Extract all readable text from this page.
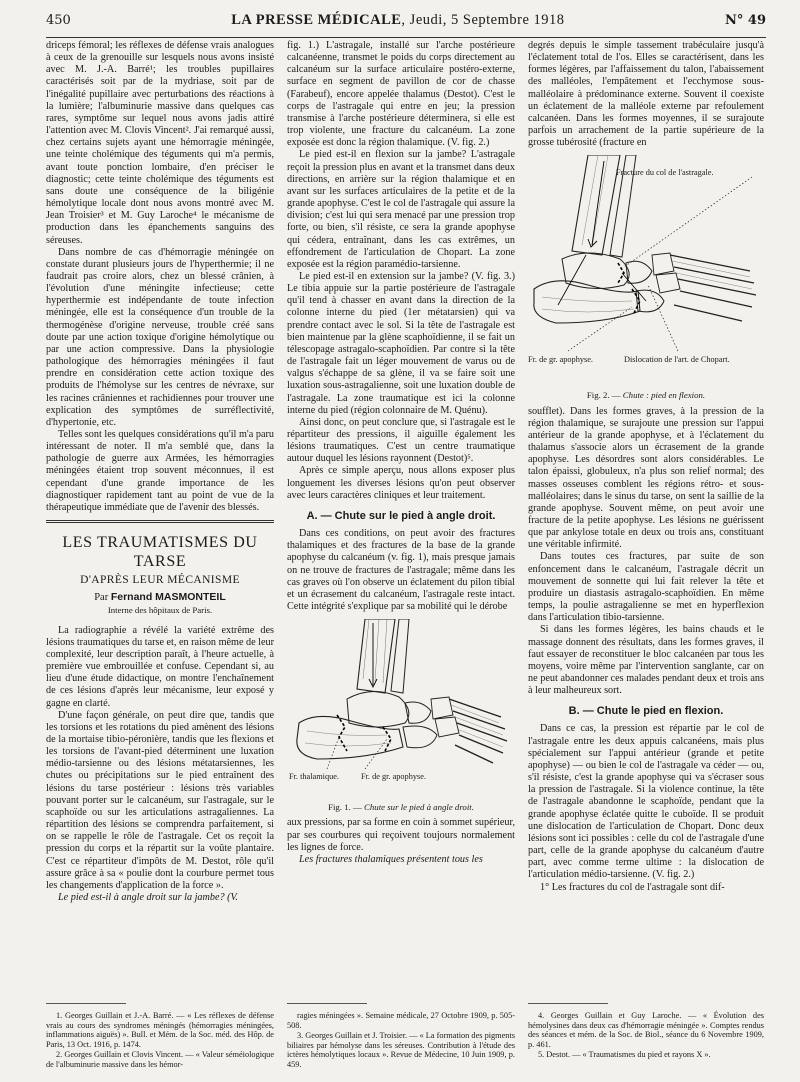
450	LA PRESSE MÉDICALE, Jeudi, 5 Septembre 1918	N° 49

driceps fémoral; les réflexes de défense vrais analogues à ceux de la grenouille sur lesquels nous avons insisté avec M. J.-A. Barré¹; les troubles pupillaires caractérisés soit par de la mydriase, soit par de l'inégalité pupillaire avec perturbations des réactions à la lumière; l'albuminurie massive dans quelques cas rares, symptôme sur lequel nous avons jadis attiré l'attention avec M. Clovis Vincent². J'ai remarqué aussi, chez certains sujets ayant une hémorragie méningée, une teinte cholémique des téguments qui m'a permis, avant toute ponction lombaire, d'en préciser le diagnostic; cette teinte cholémique des téguments est sans doute une conséquence de la biligénie hémolytique locale dont nous avons montré avec M. Jean Troisier³ et M. Guy Laroche⁴ le mécanisme de production dans les épanchements sanguins des séreuses.

Dans nombre de cas d'hémorragie méningée on constate durant plusieurs jours de l'hyperthermie; il ne faudrait pas croire alors, chez un blessé crânien, à l'évolution d'une méningite infectieuse; cette hyperthermie est indépendante de toute infection méningée, elle est la conséquence d'un trouble de la thermogénèse d'origine nerveuse, trouble créé sans doute par une action toxique d'origine hémolytique ou par une action compressive. Dans la physiologie pathologique des hémorragies méningées il faut prendre en considération cette action toxique des produits de l'hémolyse sur les centres de névraxe, sur les racines crâniennes et rachidiennes pour trouver une explication des symptômes de surréflectivité, d'hypertonie, etc.

Telles sont les quelques considérations qu'il m'a paru intéressant de noter. Il m'a semblé que, dans la pathologie de guerre aux Armées, les hémorragies méningées étaient trop souvent méconnues, il est cependant d'une grande importance de les diagnostiquer rapidement tant au point de vue de la thérapeutique immédiate que de l'avenir des blessés.

LES TRAUMATISMES DU TARSE
D'APRÈS LEUR MÉCANISME
Par Fernand MASMONTEIL
Interne des hôpitaux de Paris.

La radiographie a révélé la variété extrême des lésions traumatiques du tarse et, en raison même de leur complexité, leur description paraît, à l'heure actuelle, à première vue embrouillée et confuse. Cependant si, au lieu d'une étude didactique, on montre l'enchaînement de ces lésions d'après leur mécanisme, leur exposé y gagne en clarté.

D'une façon générale, on peut dire que, tandis que les torsions et les rotations du pied amènent des lésions de la mortaise tibio-péronière, tandis que les flexions et les torsions de l'avant-pied déterminent une luxation médio-tarsienne ou des lésions métatarsiennes, les chutes ou précipitations sur le pied entraînent des lésions du tarse postérieur : lésions très variables pouvant porter sur le calcanéum, sur l'astragale, sur le scaphoïde ou sur les articulations astragaliennes. La répartition des lésions se comprendra parfaitement, si on se rappelle le rôle de l'astragale. Cet os reçoit la pression du corps et la répartit sur la voûte plantaire. C'est ce répartiteur d'impôts de M. Destot, rôle qu'il assure grâce à sa « poulie dont la courbure permet tous les changements d'application de la force ».

Le pied est-il à angle droit sur la jambe? (V.

fig. 1.) L'astragale, installé sur l'arche postérieure calcanéenne, transmet le poids du corps directement au calcanéum sur la surface articulaire postéro-externe, surface en segment de pavillon de cor de chasse (Farabeuf), encore appelée thalamus (Destot). C'est le corps de l'astragale qui entre en jeu; la pression transmise à l'arche postérieure déterminera, si elle est trop violente, une fracture du calcanéum. La zone exposée est donc la région thalamique. (V. fig. 2.)

Le pied est-il en flexion sur la jambe? L'astragale reçoit la pression plus en avant et la transmet dans deux directions, en arrière sur la région thalamique et en avant sur les surfaces articulaires de la petite et de la grande apophyse. C'est le col de l'astragale qui assure la division; c'est lui qui sera menacé par une pression trop forte, ou bien, s'il résiste, ce sera la grande apophyse qui cédera, entraînant, dans les cas extrêmes, un effondrement de l'articulation de Chopart. La zone exposée est la région paramédio-tarsienne.

Le pied est-il en extension sur la jambe? (V. fig. 3.) Le tibia appuie sur la partie postérieure de l'astragale qu'il tend à chasser en avant dans la direction de la colonne interne du pied (1er métatarsien) qui va prendre contact avec le sol. Si la tête de l'astragale est bien maintenue par la glène scaphoïdienne, il se fait un télescopage astragalo-scaphoïdien. Par contre si la tête de l'astragale fait un léger mouvement de varus ou de valgus s'échappe de sa glène, il va se faire soit une luxation sous-astragalienne, soit une luxation double de l'astragale. La zone traumatique est ici la colonne interne du pied (région colonnaire de M. Quénu).

Ainsi donc, on peut conclure que, si l'astragale est le répartiteur des pressions, il aiguille également les lésions traumatiques. C'est un centre traumatique autour duquel les lésions rayonnent (Destot)⁵.

Après ce simple aperçu, nous allons exposer plus longuement les diverses lésions qu'on peut observer avec leurs caractères cliniques et leur traitement.

A. — Chute sur le pied à angle droit.

Dans ces conditions, on peut avoir des fractures thalamiques et des fractures de la base de la grande apophyse du calcanéum (v. fig. 1), mais presque jamais on ne trouve de fractures de l'astragale; même dans les cas graves où l'on observe un éclatement du pilon tibial et un écrasement du calcanéum, l'astragale reste intact. Cette intégrité s'explique par sa mobilité qui le dérobe

Fr. thalamique.	Fr. de gr. apophyse.
Fig. 1. — Chute sur le pied à angle droit.

aux pressions, par sa forme en coin à sommet supérieur, par ses courbures qui reçoivent toujours normalement les lignes de force.

Les fractures thalamiques présentent tous les

degrés depuis le simple tassement trabéculaire jusqu'à l'éclatement total de l'os. Elles se caractérisent, dans les formes légères, par l'affaissement du talon, l'abaissement des malléoles, l'empâtement et l'ecchymose sous-malléolaire à prédominance externe. Souvent il coexiste un éclatement de la malléole externe par refoulement calcanéen. Dans les formes moyennes, il se surajoute parfois un arrachement de la partie supérieure de la grosse tubérosité (fracture en

Fracture du col de l'astragale.
Fr. de gr. apophyse.	Dislocation de l'art. de Chopart.
Fig. 2. — Chute : pied en flexion.

soufflet). Dans les formes graves, à la pression de la région thalamique, se surajoute une pression sur l'appui antérieur de la grande apophyse, et à l'éclatement du thalamus s'associe alors un écrasement de la grande apophyse. Les désordres sont alors considérables. Le talon épaissi, globuleux, n'a plus son relief normal; des masses osseuses comblent les régions rétro- et sous-malléolaires; dans le sinus du tarse, on sent la saillie de la grande apophyse. Souvent même, on peut avoir une fracture de la petite apophyse. Les lésions ne guérissent que par ankylose totale en deux ou trois ans, constituant une véritable infirmité.

Dans toutes ces fractures, par suite de son enfoncement dans le calcanéum, l'astragale décrit un mouvement de sonnette qui lui fait relever la tête et produire un diastasis astragalo-scaphoïdien. En même temps, la poulie astragalienne se met en hyperflexion dans l'articulation tibio-tarsienne.

Si dans les formes légères, les bains chauds et le massage donnent des résultats, dans les formes graves, il faut essayer de reconstituer le bloc calcanéen par tous les moyens, voire même par l'intervention sanglante, car on ne peut abandonner ces malades pendant deux et trois ans à leur malheureux sort.

B. — Chute le pied en flexion.

Dans ce cas, la pression est répartie par le col de l'astragale entre les deux appuis calcanéens, mais plus spécialement sur l'appui antérieur (grande et petite apophyse) — ou bien le col de l'astragale va céder — ou, s'il résiste, c'est la grande apophyse qui va s'écraser sous la pression de l'astragale. Si la violence continue, la tête de l'astragale abandonne le scaphoïde, pendant que la grande apophyse éclatée quitte le cuboïde. Il se produit une dislocation de l'articulation de Chopart. Donc deux lésions sont ici possibles : celle du col de l'astragale d'une part, celle de la grande apophyse du calcanéum d'autre part, avec comme terme ultime : la dislocation de l'articulation médio-tarsienne. (V. fig. 2.)

1° Les fractures du col de l'astragale sont dif-

1. Georges Guillain et J.-A. Barré. — « Les réflexes de défense vrais au cours des syndromes méningés (hémorragies méningées, inflammations aiguës) ». Bull. et Mém. de la Soc. méd. des Hôp. de Paris, 13 Oct. 1916, p. 1474.

2. Georges Guillain et Clovis Vincent. — « Valeur séméiologique de l'albuminurie massive dans les hémor-

ragies méningées ». Semaine médicale, 27 Octobre 1909, p. 505-508.

3. Georges Guillain et J. Troisier. — « La formation des pigments biliaires par hémolyse dans les séreuses. Contribution à l'étude des ictères hémolytiques locaux ». Revue de Médecine, 10 Juin 1909, p. 459.

4. Georges Guillain et Guy Laroche. — « Évolution des hémolysines dans deux cas d'hémorragie méningée ». Comptes rendus des séances et mém. de la Soc. de Biol., séance du 6 Novembre 1909, p. 461.

5. Destot. — « Traumatismes du pied et rayons X ».
